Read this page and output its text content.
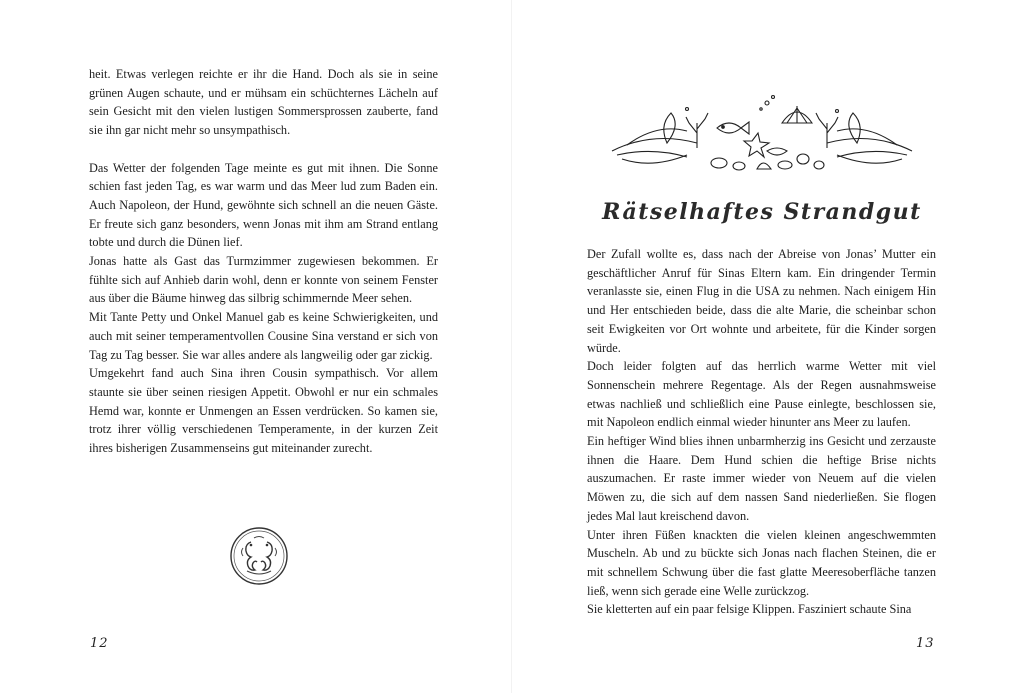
heit. Etwas verlegen reichte er ihr die Hand. Doch als sie in seine grünen Augen schaute, und er mühsam ein schüchternes Lächeln auf sein Gesicht mit den vielen lustigen Sommersprossen zauberte, fand sie ihn gar nicht mehr so unsympathisch.

Das Wetter der folgenden Tage meinte es gut mit ihnen. Die Sonne schien fast jeden Tag, es war warm und das Meer lud zum Baden ein. Auch Napoleon, der Hund, gewöhnte sich schnell an die neuen Gäste. Er freute sich ganz besonders, wenn Jonas mit ihm am Strand entlang tobte und durch die Dünen lief.

Jonas hatte als Gast das Turmzimmer zugewiesen bekommen. Er fühlte sich auf Anhieb darin wohl, denn er konnte von seinem Fenster aus über die Bäume hinweg das silbrig schimmernde Meer sehen.

Mit Tante Petty und Onkel Manuel gab es keine Schwierigkeiten, und auch mit seiner temperamentvollen Cousine Sina verstand er sich von Tag zu Tag besser. Sie war alles andere als langweilig oder gar zickig.

Umgekehrt fand auch Sina ihren Cousin sympathisch. Vor allem staunte sie über seinen riesigen Appetit. Obwohl er nur ein schmales Hemd war, konnte er Unmengen an Essen verdrücken. So kamen sie, trotz ihrer völlig verschiedenen Temperamente, in der kurzen Zeit ihres bisherigen Zusammenseins gut miteinander zurecht.

12
Rätselhaftes Strandgut

Der Zufall wollte es, dass nach der Abreise von Jonas’ Mutter ein geschäftlicher Anruf für Sinas Eltern kam. Ein dringender Termin veranlasste sie, einen Flug in die USA zu nehmen. Nach einigem Hin und Her entschieden beide, dass die alte Marie, die scheinbar schon seit Ewigkeiten vor Ort wohnte und arbeitete, für die Kinder sorgen würde.

Doch leider folgten auf das herrlich warme Wetter mit viel Sonnenschein mehrere Regentage. Als der Regen ausnahmsweise etwas nachließ und schließlich eine Pause einlegte, beschlossen sie, mit Napoleon endlich einmal wieder hinunter ans Meer zu laufen.

Ein heftiger Wind blies ihnen unbarmherzig ins Gesicht und zerzauste ihnen die Haare. Dem Hund schien die heftige Brise nichts auszumachen. Er raste immer wieder von Neuem auf die vielen Möwen zu, die sich auf dem nassen Sand niederließen. Sie flogen jedes Mal laut kreischend davon.

Unter ihren Füßen knackten die vielen kleinen angeschwemmten Muscheln. Ab und zu bückte sich Jonas nach flachen Steinen, die er mit schnellem Schwung über die fast glatte Meeresoberfläche tanzen ließ, wenn sich gerade eine Welle zurückzog.

Sie kletterten auf ein paar felsige Klippen. Fasziniert schaute Sina

13
